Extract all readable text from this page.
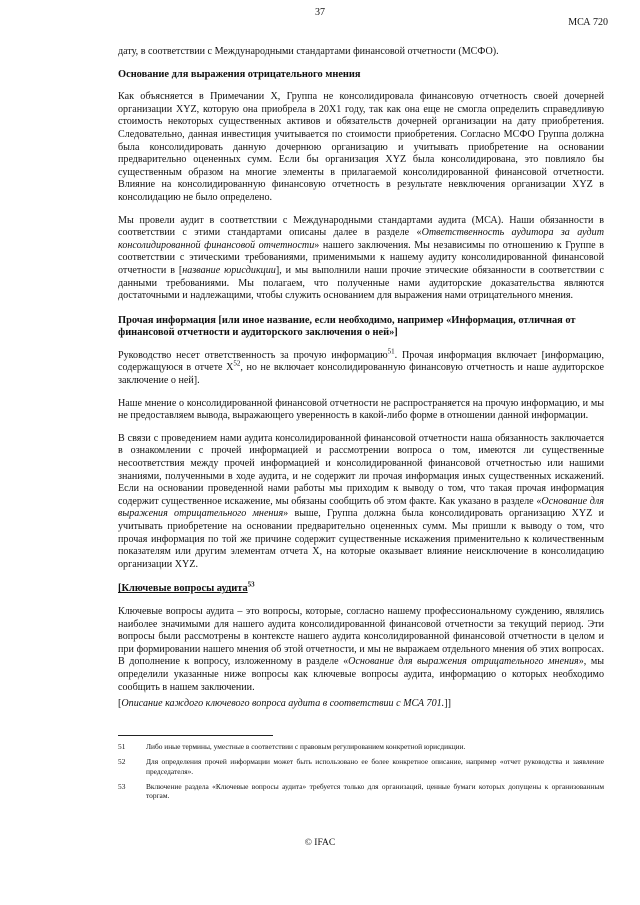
37
МСА 720

дату, в соответствии с Международными стандартами финансовой отчетности (МСФО).

Основание для выражения отрицательного мнения

Как объясняется в Примечании X, Группа не консолидировала финансовую отчетность своей дочерней организации XYZ, которую она приобрела в 20X1 году, так как она еще не смогла определить справедливую стоимость некоторых существенных активов и обязательств дочерней организации на дату приобретения. Следовательно, данная инвестиция учитывается по стоимости приобретения. Согласно МСФО Группа должна была консолидировать данную дочернюю организацию и учитывать приобретение на основании предварительно оцененных сумм. Если бы организация XYZ была консолидирована, это повлияло бы существенным образом на многие элементы в прилагаемой консолидированной финансовой отчетности. Влияние на консолидированную финансовую отчетность в результате невключения организации XYZ в консолидацию не было определено.

Мы провели аудит в соответствии с Международными стандартами аудита (МСА). Наши обязанности в соответствии с этими стандартами описаны далее в разделе «Ответственность аудитора за аудит консолидированной финансовой отчетности» нашего заключения. Мы независимы по отношению к Группе в соответствии с этическими требованиями, применимыми к нашему аудиту консолидированной финансовой отчетности в [название юрисдикции], и мы выполнили наши прочие этические обязанности в соответствии с данными требованиями. Мы полагаем, что полученные нами аудиторские доказательства являются достаточными и надлежащими, чтобы служить основанием для выражения нами отрицательного мнения.

Прочая информация [или иное название, если необходимо, например «Информация, отличная от финансовой отчетности и аудиторского заключения о ней»]

Руководство несет ответственность за прочую информацию$^{51}$. Прочая информация включает [информацию, содержащуюся в отчете $X^{52}$, но не включает консолидированную финансовую отчетность и наше аудиторское заключение о ней].

Наше мнение о консолидированной финансовой отчетности не распространяется на прочую информацию, и мы не предоставляем вывода, выражающего уверенность в какой-либо форме в отношении данной информации.

В связи с проведением нами аудита консолидированной финансовой отчетности наша обязанность заключается в ознакомлении с прочей информацией и рассмотрении вопроса о том, имеются ли существенные несоответствия между прочей информацией и консолидированной финансовой отчетностью или нашими знаниями, полученными в ходе аудита, и не содержит ли прочая информация иных существенных искажений. Если на основании проведенной нами работы мы приходим к выводу о том, что такая прочая информация содержит существенное искажение, мы обязаны сообщить об этом факте. Как указано в разделе «Основание для выражения отрицательного мнения» выше, Группа должна была консолидировать организацию XYZ и учитывать приобретение на основании предварительно оцененных сумм. Мы пришли к выводу о том, что прочая информация по той же причине содержит существенные искажения применительно к количественным показателям или другим элементам отчета X, на которые оказывает влияние неисключение в консолидацию организации XYZ.

[Ключевые вопросы аудита$^{53}$

Ключевые вопросы аудита – это вопросы, которые, согласно нашему профессиональному суждению, являлись наиболее значимыми для нашего аудита консолидированной финансовой отчетности за текущий период. Эти вопросы были рассмотрены в контексте нашего аудита консолидированной финансовой отчетности в целом и при формировании нашего мнения об этой отчетности, и мы не выражаем отдельного мнения об этих вопросах. В дополнение к вопросу, изложенному в разделе «Основание для выражения отрицательного мнения», мы определили указанные ниже вопросы как ключевые вопросы аудита, информацию о которых необходимо сообщить в нашем заключении.

[Описание каждого ключевого вопроса аудита в соответствии с МСА 701.]]

51	Либо иные термины, уместные в соответствии с правовым регулированием конкретной юрисдикции.
52	Для определения прочей информации может быть использовано ее более конкретное описание, например «отчет руководства и заявление председателя».
53	Включение раздела «Ключевые вопросы аудита» требуется только для организаций, ценные бумаги которых допущены к организованным торгам.
© IFAC
